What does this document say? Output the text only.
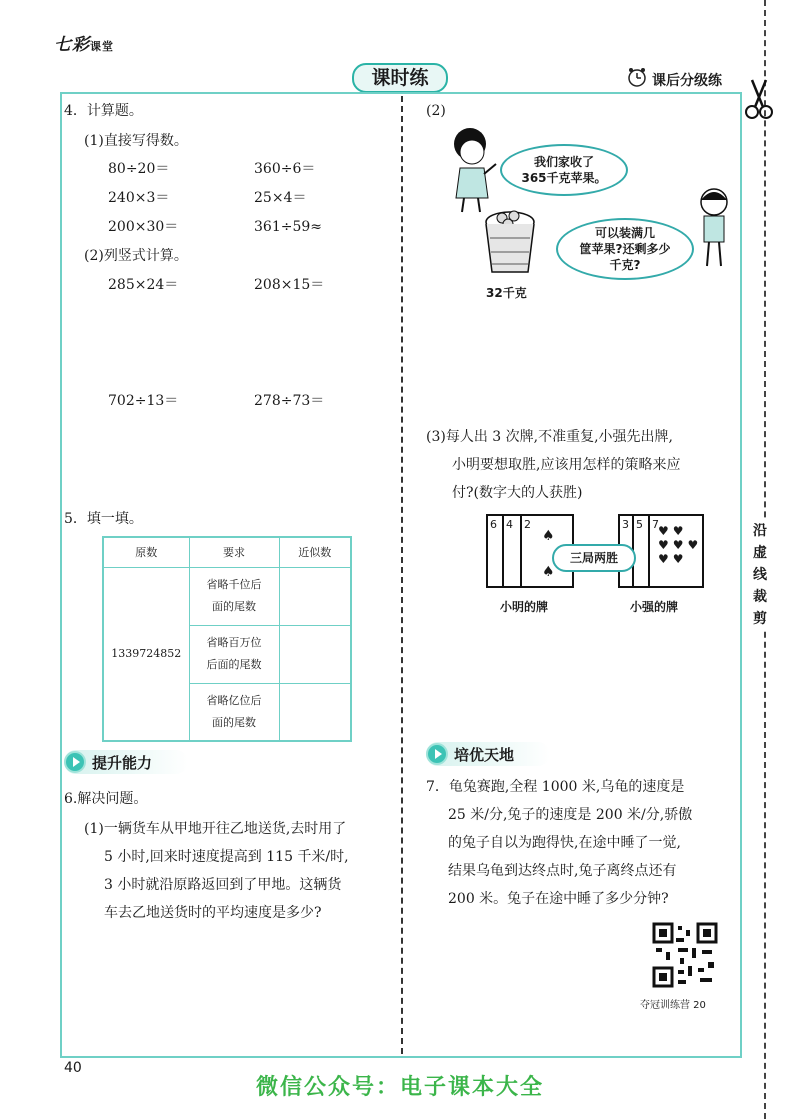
七彩课堂
课时练	课后分级练
沿
虚
线
裁
剪
4．计算题。
(1)直接写得数。
80÷20＝	360÷6＝
240×3＝	25×4＝
200×30＝	361÷59≈
(2)列竖式计算。
285×24＝	208×15＝
702÷13＝	278÷73＝
5．填一填。
原数	要求	近似数
1339724852	省略千位后
面的尾数	

	省略百万位
后面的尾数	

	省略亿位后
面的尾数	

提升能力
6.解决问题。
(1)一辆货车从甲地开往乙地送货,去时用了
5 小时,回来时速度提高到 115 千米/时,
3 小时就沿原路返回到了甲地。这辆货
车去乙地送货时的平均速度是多少?
(2)
我们家收了
365千克苹果。
32千克
可以装满几
筐苹果?还剩多少
千克?
(3)每人出 3 次牌,不准重复,小强先出牌,
小明要想取胜,应该用怎样的策略来应
付?(数字大的人获胜)
6 4	2
♠
♠
3 5 7 ♥♥
♥♥♥
♥♥
三局两胜
小明的牌	小强的牌
培优天地
7．龟兔赛跑,全程 1000 米,乌龟的速度是
25 米/分,兔子的速度是 200 米/分,骄傲
的兔子自以为跑得快,在途中睡了一觉,
结果乌龟到达终点时,兔子离终点还有
200 米。兔子在途中睡了多少分钟?
夺冠训练营 20
40
微信公众号：电子课本大全
